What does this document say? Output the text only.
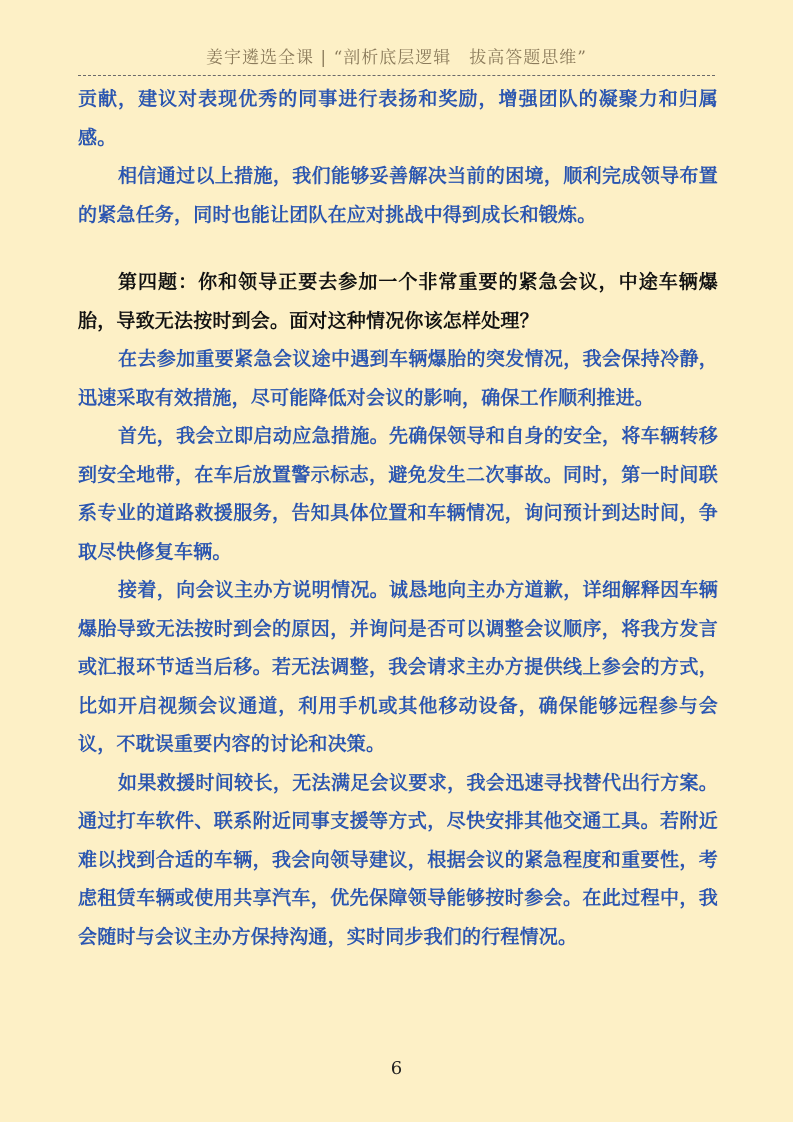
姜宇遴选全课 | “剖析底层逻辑　拔高答题思维”

贡献，建议对表现优秀的同事进行表扬和奖励，增强团队的凝聚力和归属感。

相信通过以上措施，我们能够妥善解决当前的困境，顺利完成领导布置的紧急任务，同时也能让团队在应对挑战中得到成长和锻炼。

第四题：你和领导正要去参加一个非常重要的紧急会议，中途车辆爆胎，导致无法按时到会。面对这种情况你该怎样处理？

在去参加重要紧急会议途中遇到车辆爆胎的突发情况，我会保持冷静，迅速采取有效措施，尽可能降低对会议的影响，确保工作顺利推进。

首先，我会立即启动应急措施。先确保领导和自身的安全，将车辆转移到安全地带，在车后放置警示标志，避免发生二次事故。同时，第一时间联系专业的道路救援服务，告知具体位置和车辆情况，询问预计到达时间，争取尽快修复车辆。

接着，向会议主办方说明情况。诚恳地向主办方道歉，详细解释因车辆爆胎导致无法按时到会的原因，并询问是否可以调整会议顺序，将我方发言或汇报环节适当后移。若无法调整，我会请求主办方提供线上参会的方式，比如开启视频会议通道，利用手机或其他移动设备，确保能够远程参与会议，不耽误重要内容的讨论和决策。

如果救援时间较长，无法满足会议要求，我会迅速寻找替代出行方案。通过打车软件、联系附近同事支援等方式，尽快安排其他交通工具。若附近难以找到合适的车辆，我会向领导建议，根据会议的紧急程度和重要性，考虑租赁车辆或使用共享汽车，优先保障领导能够按时参会。在此过程中，我会随时与会议主办方保持沟通，实时同步我们的行程情况。

6
